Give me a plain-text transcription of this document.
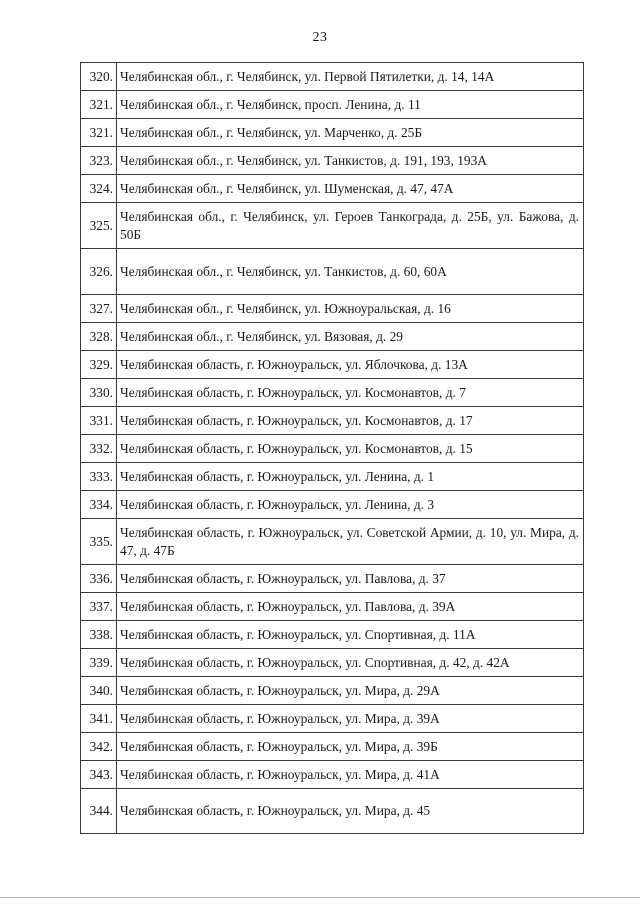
23
320.	Челябинская обл., г. Челябинск, ул. Первой Пятилетки, д. 14, 14А
321.	Челябинская обл., г. Челябинск, просп. Ленина, д. 11
321.	Челябинская обл., г. Челябинск, ул. Марченко, д. 25Б
323.	Челябинская обл., г. Челябинск, ул. Танкистов, д. 191, 193, 193А
324.	Челябинская обл., г. Челябинск, ул. Шуменская, д. 47, 47А
325.	Челябинская обл., г. Челябинск, ул. Героев Танкограда, д. 25Б, ул. Бажова, д. 50Б
326.	Челябинская обл., г. Челябинск, ул. Танкистов, д. 60, 60А
327.	Челябинская обл., г. Челябинск, ул. Южноуральская, д. 16
328.	Челябинская обл., г. Челябинск, ул. Вязовая, д. 29
329.	Челябинская область, г. Южноуральск, ул. Яблочкова, д. 13А
330.	Челябинская область, г. Южноуральск, ул. Космонавтов, д. 7
331.	Челябинская область, г. Южноуральск, ул. Космонавтов, д. 17
332.	Челябинская область, г. Южноуральск, ул. Космонавтов, д. 15
333.	Челябинская область, г. Южноуральск, ул. Ленина, д. 1
334.	Челябинская область, г. Южноуральск, ул. Ленина, д. 3
335.	Челябинская область, г. Южноуральск, ул. Советской Армии, д. 10, ул. Мира, д. 47, д. 47Б
336.	Челябинская область, г. Южноуральск, ул. Павлова, д. 37
337.	Челябинская область, г. Южноуральск, ул. Павлова, д. 39А
338.	Челябинская область, г. Южноуральск, ул. Спортивная, д. 11А
339.	Челябинская область, г. Южноуральск, ул. Спортивная, д. 42, д. 42А
340.	Челябинская область, г. Южноуральск, ул. Мира, д. 29А
341.	Челябинская область, г. Южноуральск, ул. Мира, д. 39А
342.	Челябинская область, г. Южноуральск, ул. Мира, д. 39Б
343.	Челябинская область, г. Южноуральск, ул. Мира, д. 41А
344.	Челябинская область, г. Южноуральск, ул. Мира, д. 45
